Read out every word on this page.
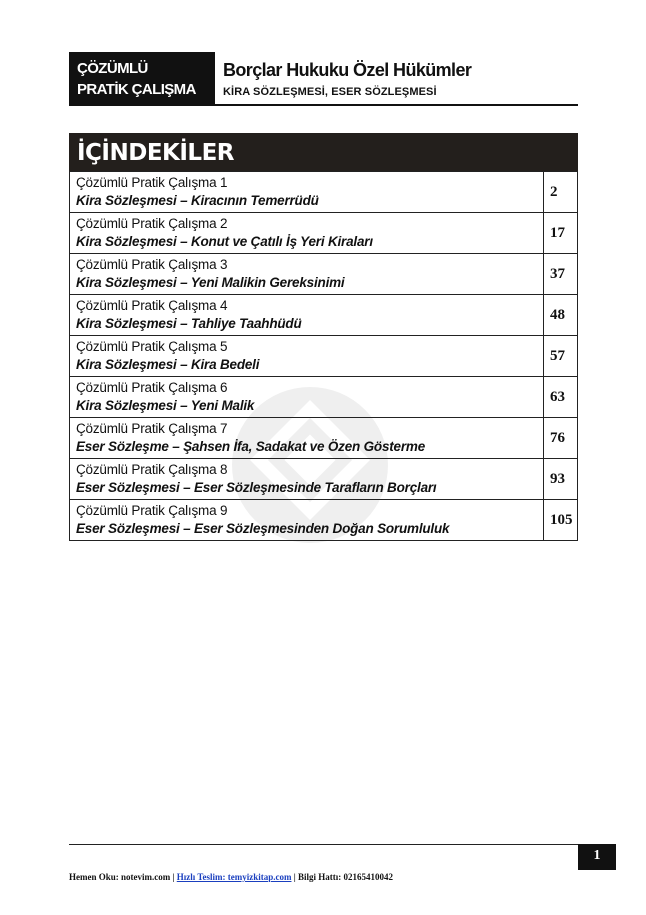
ÇÖZÜMLÜ
PRATİK ÇALIŞMA
Borçlar Hukuku Özel Hükümler
KİRA SÖZLEŞMESİ, ESER SÖZLEŞMESİ
İÇİNDEKİLER
Çözümlü Pratik Çalışma 1
Kira Sözleşmesi – Kiracının Temerrüdü	2

Çözümlü Pratik Çalışma 2
Kira Sözleşmesi – Konut ve Çatılı İş Yeri Kiraları	17

Çözümlü Pratik Çalışma 3
Kira Sözleşmesi – Yeni Malikin Gereksinimi	37

Çözümlü Pratik Çalışma 4
Kira Sözleşmesi – Tahliye Taahhüdü	48

Çözümlü Pratik Çalışma 5
Kira Sözleşmesi – Kira Bedeli	57

Çözümlü Pratik Çalışma 6
Kira Sözleşmesi – Yeni Malik	63

Çözümlü Pratik Çalışma 7
Eser Sözleşme – Şahsen İfa, Sadakat ve Özen Gösterme	76

Çözümlü Pratik Çalışma 8
Eser Sözleşmesi – Eser Sözleşmesinde Tarafların Borçları	93

Çözümlü Pratik Çalışma 9
Eser Sözleşmesi – Eser Sözleşmesinden Doğan Sorumluluk	105
1
Hemen Oku: notevim.com | Hızlı Teslim: temyizkitap.com | Bilgi Hattı: 02165410042
